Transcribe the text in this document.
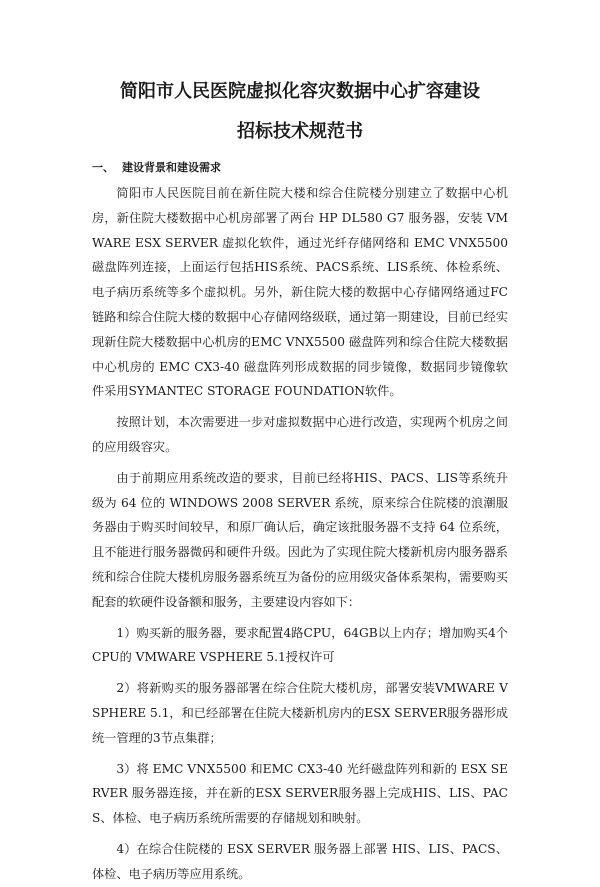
简阳市人民医院虚拟化容灾数据中心扩容建设
招标技术规范书
一、 建设背景和建设需求

简阳市人民医院目前在新住院大楼和综合住院楼分别建立了数据中心机房，新住院大楼数据中心机房部署了两台 HP DL580 G7 服务器，安装 VMWARE ESX SERVER 虚拟化软件，通过光纤存储网络和 EMC VNX5500 磁盘阵列连接，上面运行包括HIS系统、PACS系统、LIS系统、体检系统、电子病历系统等多个虚拟机。另外，新住院大楼的数据中心存储网络通过FC链路和综合住院大楼的数据中心存储网络级联，通过第一期建设，目前已经实现新住院大楼数据中心机房的EMC VNX5500 磁盘阵列和综合住院大楼数据中心机房的 EMC CX3-40 磁盘阵列形成数据的同步镜像，数据同步镜像软件采用SYMANTEC STORAGE FOUNDATION软件。

按照计划，本次需要进一步对虚拟数据中心进行改造，实现两个机房之间的应用级容灾。

由于前期应用系统改造的要求，目前已经将HIS、PACS、LIS等系统升级为 64 位的 WINDOWS 2008 SERVER 系统，原来综合住院楼的浪潮服务器由于购买时间较早，和原厂确认后，确定该批服务器不支持 64 位系统，且不能进行服务器微码和硬件升级。因此为了实现住院大楼新机房内服务器系统和综合住院大楼机房服务器系统互为备份的应用级灾备体系架构，需要购买配套的软硬件设备额和服务，主要建设内容如下：

1）购买新的服务器，要求配置4路CPU，64GB以上内存；增加购买4个CPU的 VMWARE VSPHERE 5.1授权许可

2）将新购买的服务器部署在综合住院大楼机房，部署安装VMWARE VSPHERE 5.1，和已经部署在住院大楼新机房内的ESX SERVER服务器形成统一管理的3节点集群；

3）将 EMC VNX5500 和EMC CX3-40 光纤磁盘阵列和新的 ESX SERVER 服务器连接，并在新的ESX SERVER服务器上完成HIS、LIS、PACS、体检、电子病历系统所需要的存储规划和映射。

4）在综合住院楼的 ESX SERVER 服务器上部署 HIS、LIS、PACS、体检、电子病历等应用系统。
